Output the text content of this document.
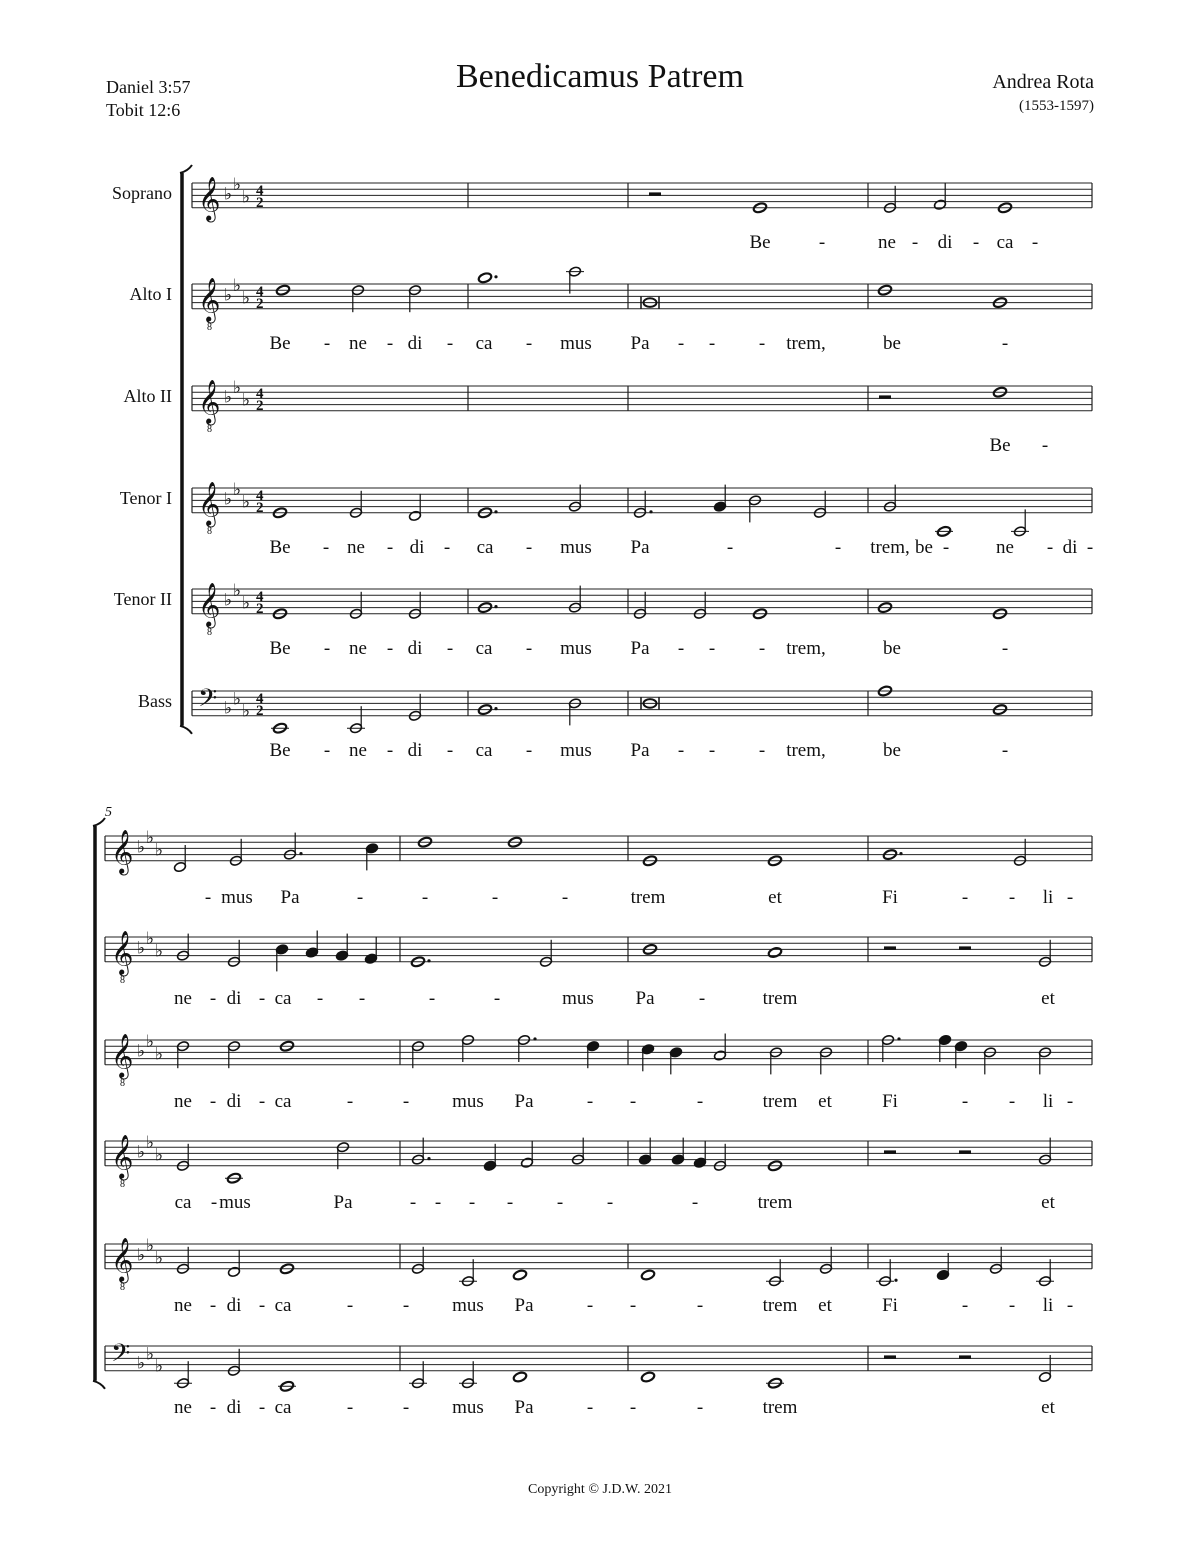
Benedicamus Patrem
Daniel 3:57
Tobit 12:6
Andrea Rota
(1553-1597)
𝄞 ♭ ♭
♭ 4
2
Be	-	ne - di - ca -
Soprano
𝄞
8
♭ ♭
♭ 4
2
Be - ne - di - ca - mus Pa - - - trem,	be	-
Alto I
𝄞
8
♭ ♭
♭ 4
2
Be -
Alto II
𝄞
8
♭ ♭
♭ 4
2
Be - ne - di - ca - mus Pa	-	- trem, be - ne - di -
Tenor I
𝄞
8
♭ ♭
♭ 4
2
Be - ne - di - ca - mus Pa - - - trem,	be	-
Tenor II
𝄢 ♭ ♭
♭
4
2
Be - ne - di - ca - mus Pa - - - trem,	be	-
Bass
𝄞 ♭ ♭
♭
- mus Pa	-	-	-	-	trem	et	Fi	- - li -
𝄞
8
♭ ♭
♭
ne - di - ca - -	-	-	mus Pa -	trem	et
𝄞
8
♭ ♭
♭
ne - di - ca	-	- mus Pa	- -	-	trem et	Fi	- - li -
𝄞
8
♭ ♭
♭
ca - mus	Pa	- - - - - -	-	trem	et
𝄞
8
♭ ♭
♭
ne - di - ca	-	- mus Pa	- -	-	trem et	Fi	- - li -
𝄢 ♭ ♭
♭
ne - di - ca	-	- mus Pa	- -	-	trem	et
5
Copyright © J.D.W. 2021
